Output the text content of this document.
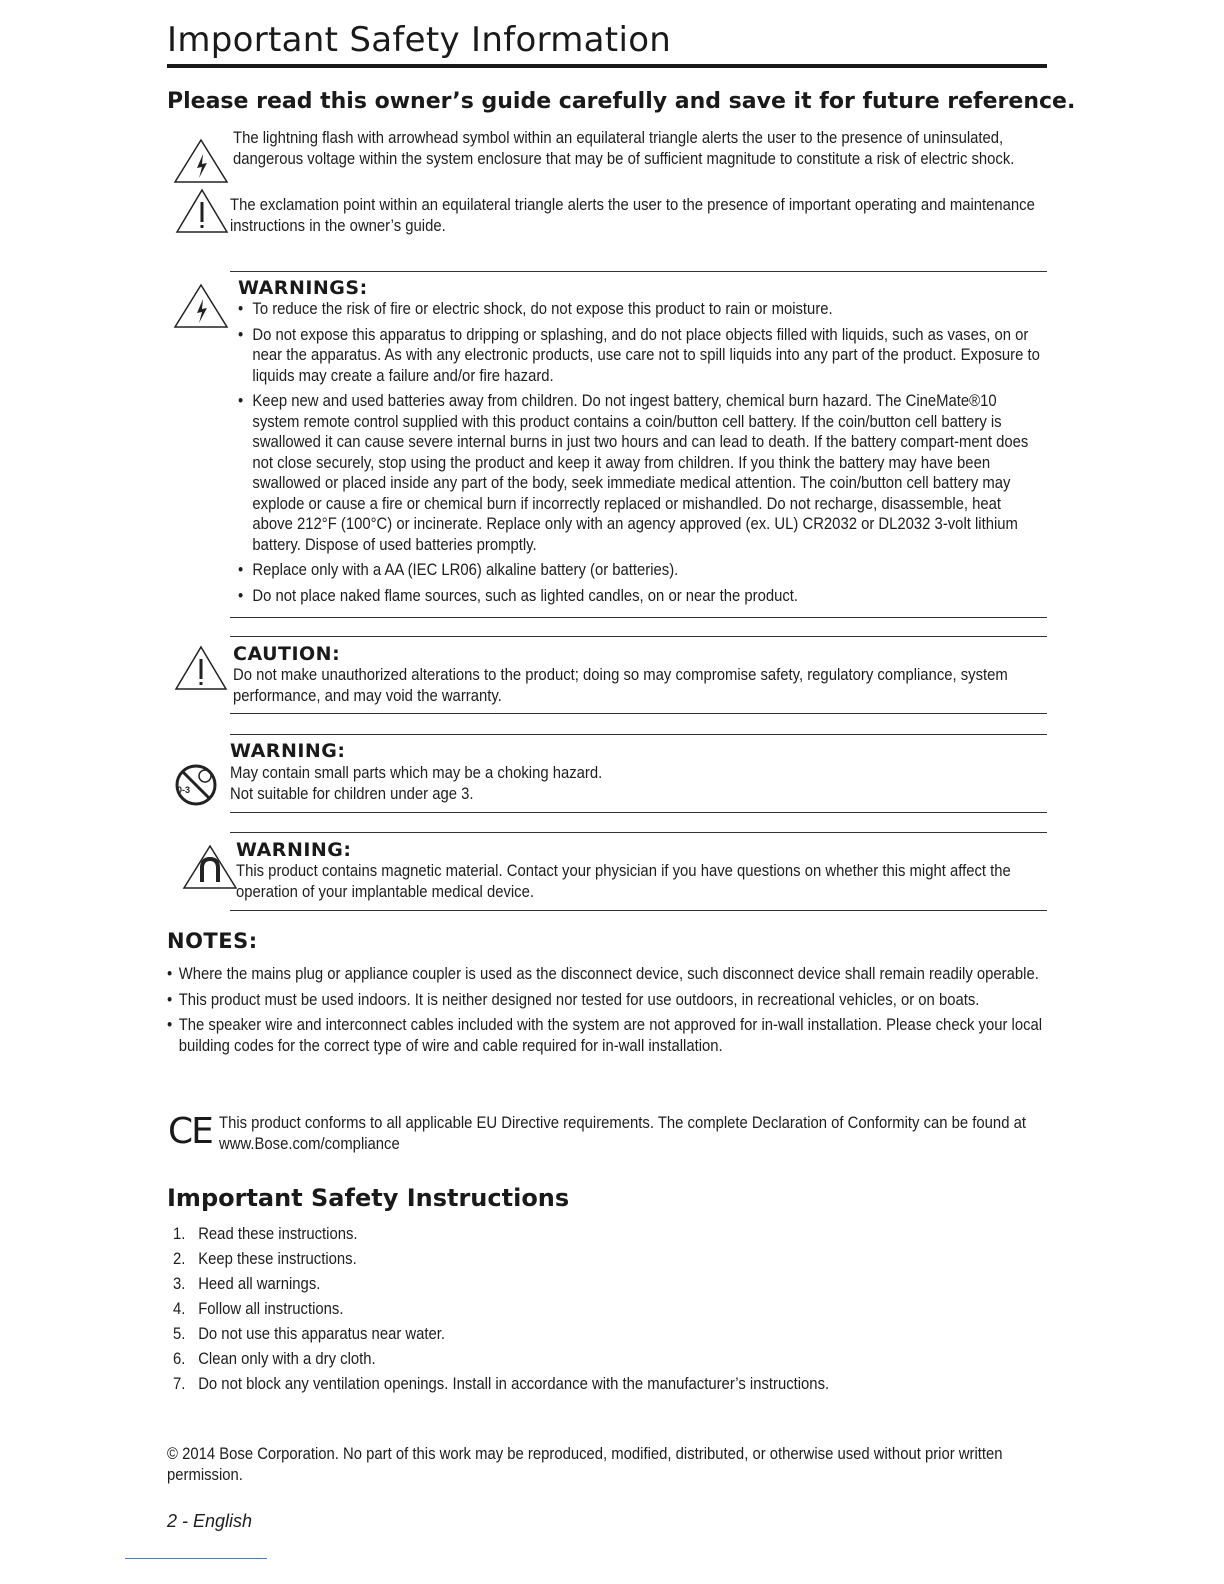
Important Safety Information
Please read this owner’s guide carefully and save it for future reference.
The lightning flash with arrowhead symbol within an equilateral triangle alerts the user to the presence of uninsulated, dangerous voltage within the system enclosure that may be of sufficient magnitude to constitute a risk of electric shock.
The exclamation point within an equilateral triangle alerts the user to the presence of important operating and maintenance instructions in the owner’s guide.
WARNINGS:
• To reduce the risk of fire or electric shock, do not expose this product to rain or moisture.
• Do not expose this apparatus to dripping or splashing, and do not place objects filled with liquids, such as vases, on or near the apparatus. As with any electronic products, use care not to spill liquids into any part of the product. Exposure to liquids may create a failure and/or fire hazard.
• Keep new and used batteries away from children. Do not ingest battery, chemical burn hazard. The CineMate®10 system remote control supplied with this product contains a coin/button cell battery. If the coin/button cell battery is swallowed it can cause severe internal burns in just two hours and can lead to death. If the battery compart-ment does not close securely, stop using the product and keep it away from children. If you think the battery may have been swallowed or placed inside any part of the body, seek immediate medical attention. The coin/button cell battery may explode or cause a fire or chemical burn if incorrectly replaced or mishandled. Do not recharge, disassemble, heat above 212°F (100°C) or incinerate. Replace only with an agency approved (ex. UL) CR2032 or DL2032 3-volt lithium battery. Dispose of used batteries promptly.
• Replace only with a AA (IEC LR06) alkaline battery (or batteries).
• Do not place naked flame sources, such as lighted candles, on or near the product.
CAUTION:
Do not make unauthorized alterations to the product; doing so may compromise safety, regulatory compliance, system performance, and may void the warranty.
WARNING:
0-3
May contain small parts which may be a choking hazard.
Not suitable for children under age 3.
WARNING:
This product contains magnetic material. Contact your physician if you have questions on whether this might affect the operation of your implantable medical device.
NOTES:
• Where the mains plug or appliance coupler is used as the disconnect device, such disconnect device shall remain readily operable.
• This product must be used indoors. It is neither designed nor tested for use outdoors, in recreational vehicles, or on boats.
• The speaker wire and interconnect cables included with the system are not approved for in-wall installation. Please check your local building codes for the correct type of wire and cable required for in-wall installation.
CE This product conforms to all applicable EU Directive requirements. The complete Declaration of Conformity can be found at www.Bose.com/compliance
Important Safety Instructions
1. Read these instructions.
2. Keep these instructions.
3. Heed all warnings.
4. Follow all instructions.
5. Do not use this apparatus near water.
6. Clean only with a dry cloth.
7. Do not block any ventilation openings. Install in accordance with the manufacturer’s instructions.
© 2014 Bose Corporation. No part of this work may be reproduced, modified, distributed, or otherwise used without prior written permission.
2 - English
